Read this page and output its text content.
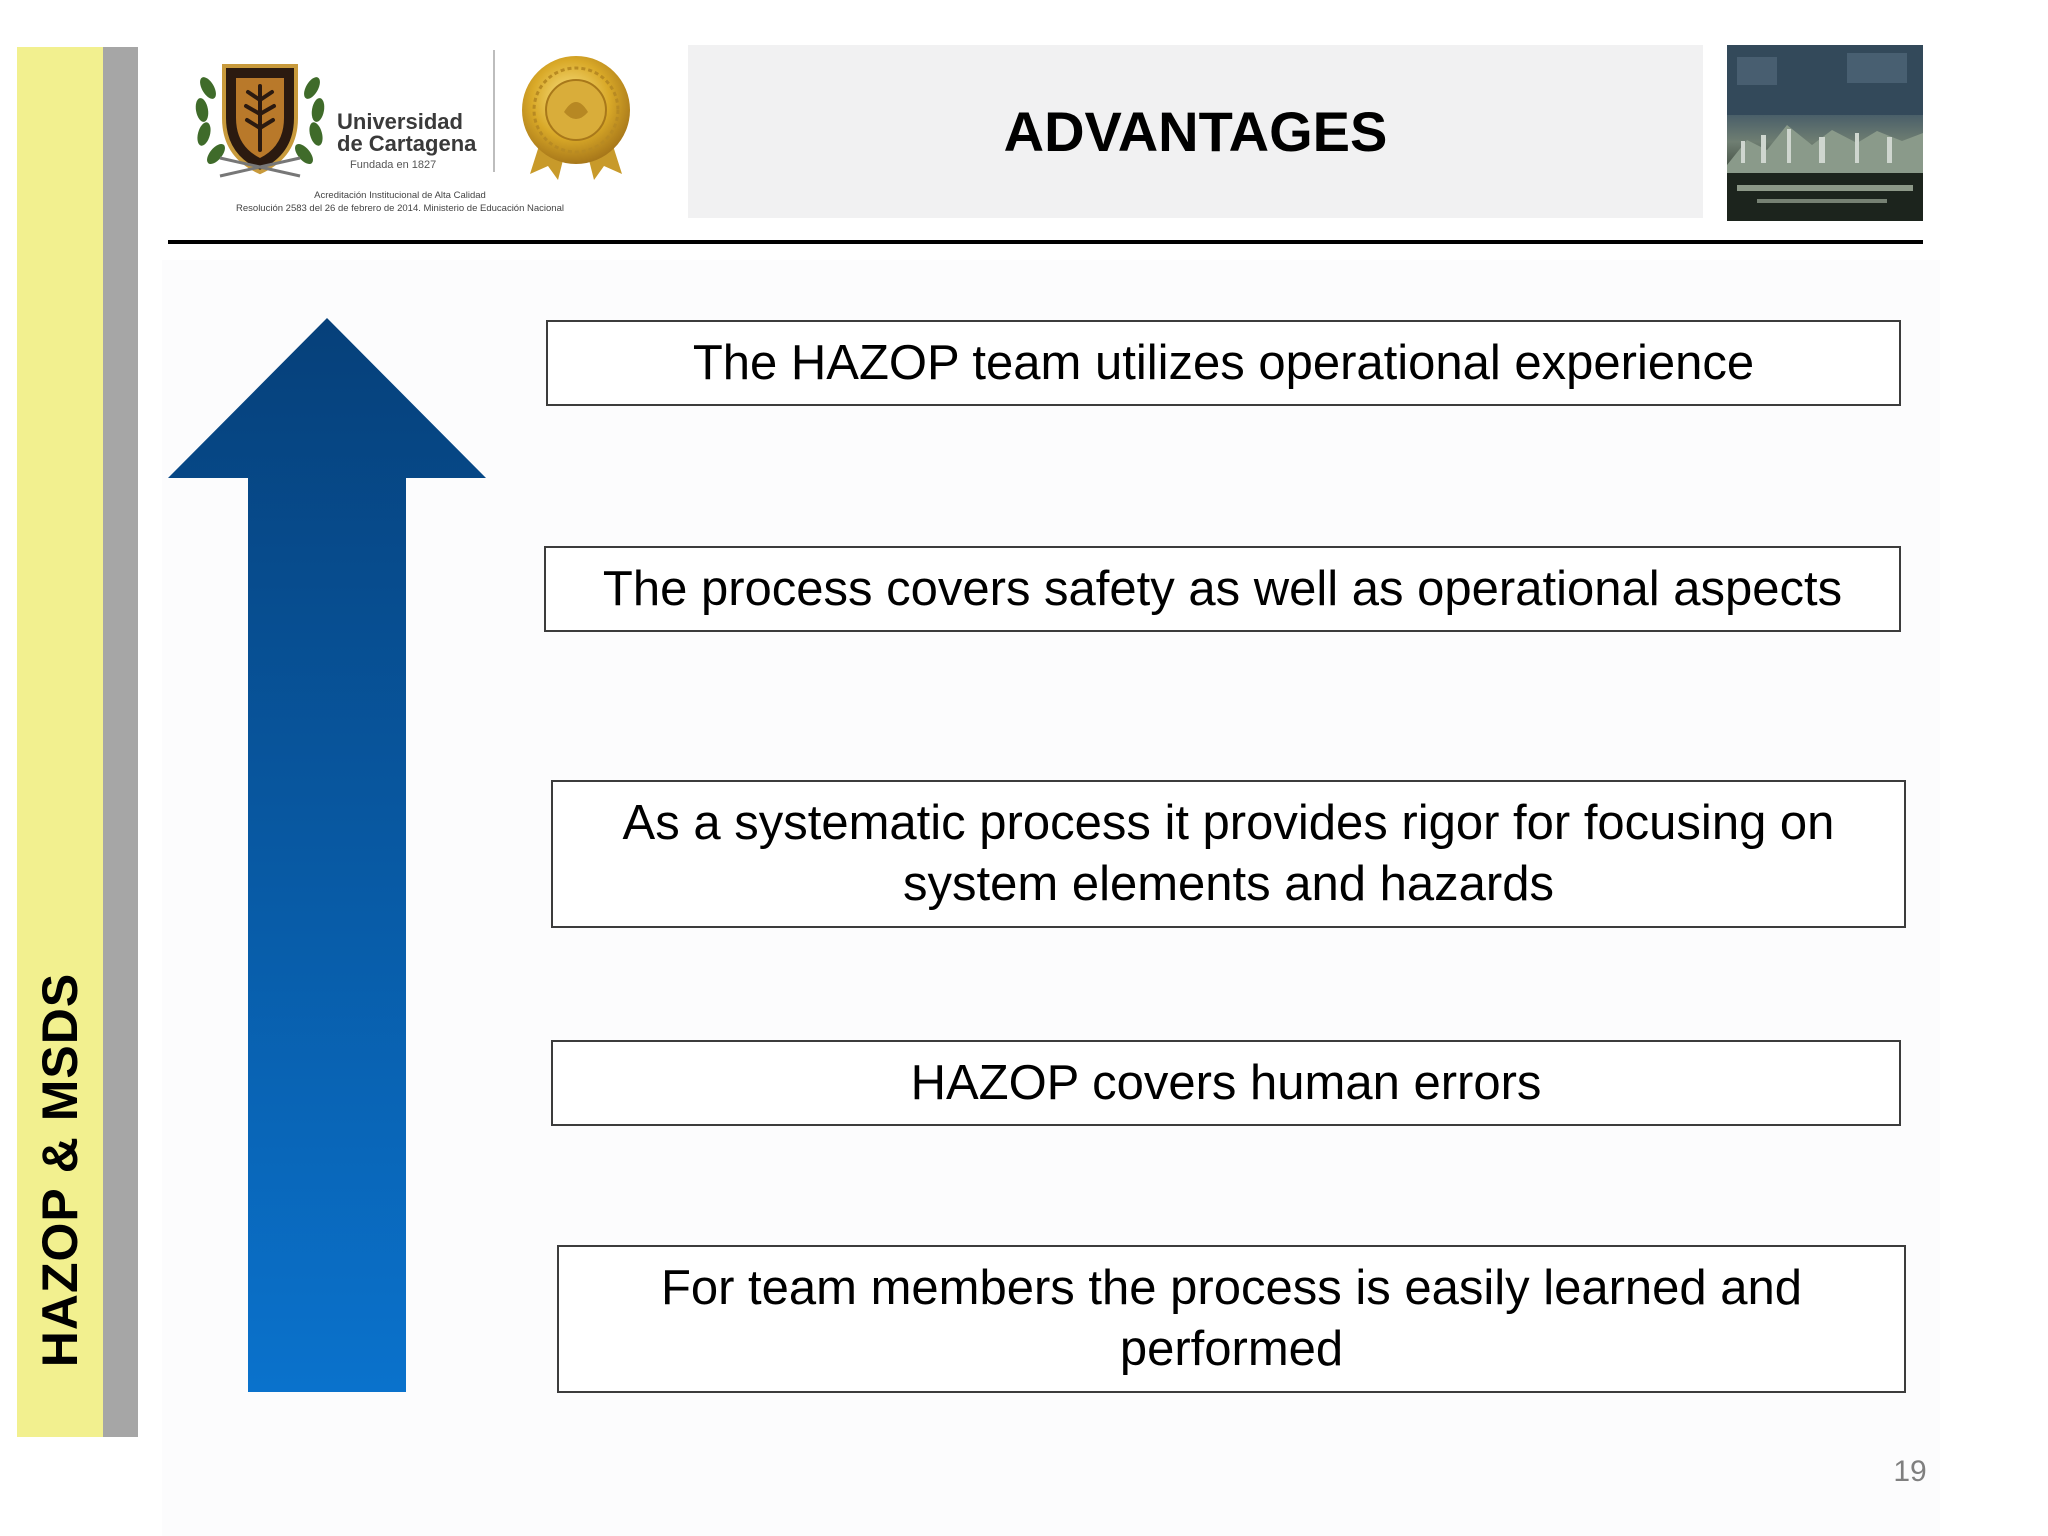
HAZOP & MSDS
Universidad
de Cartagena
Fundada en 1827
Acreditación Institucional de Alta Calidad
Resolución 2583 del 26 de febrero de 2014. Ministerio de Educación Nacional
ADVANTAGES
The HAZOP team utilizes operational experience
The process covers safety as well as operational aspects
As a systematic process it provides rigor for focusing on system elements and hazards
HAZOP covers human errors
For team members the process is easily learned and performed
19
